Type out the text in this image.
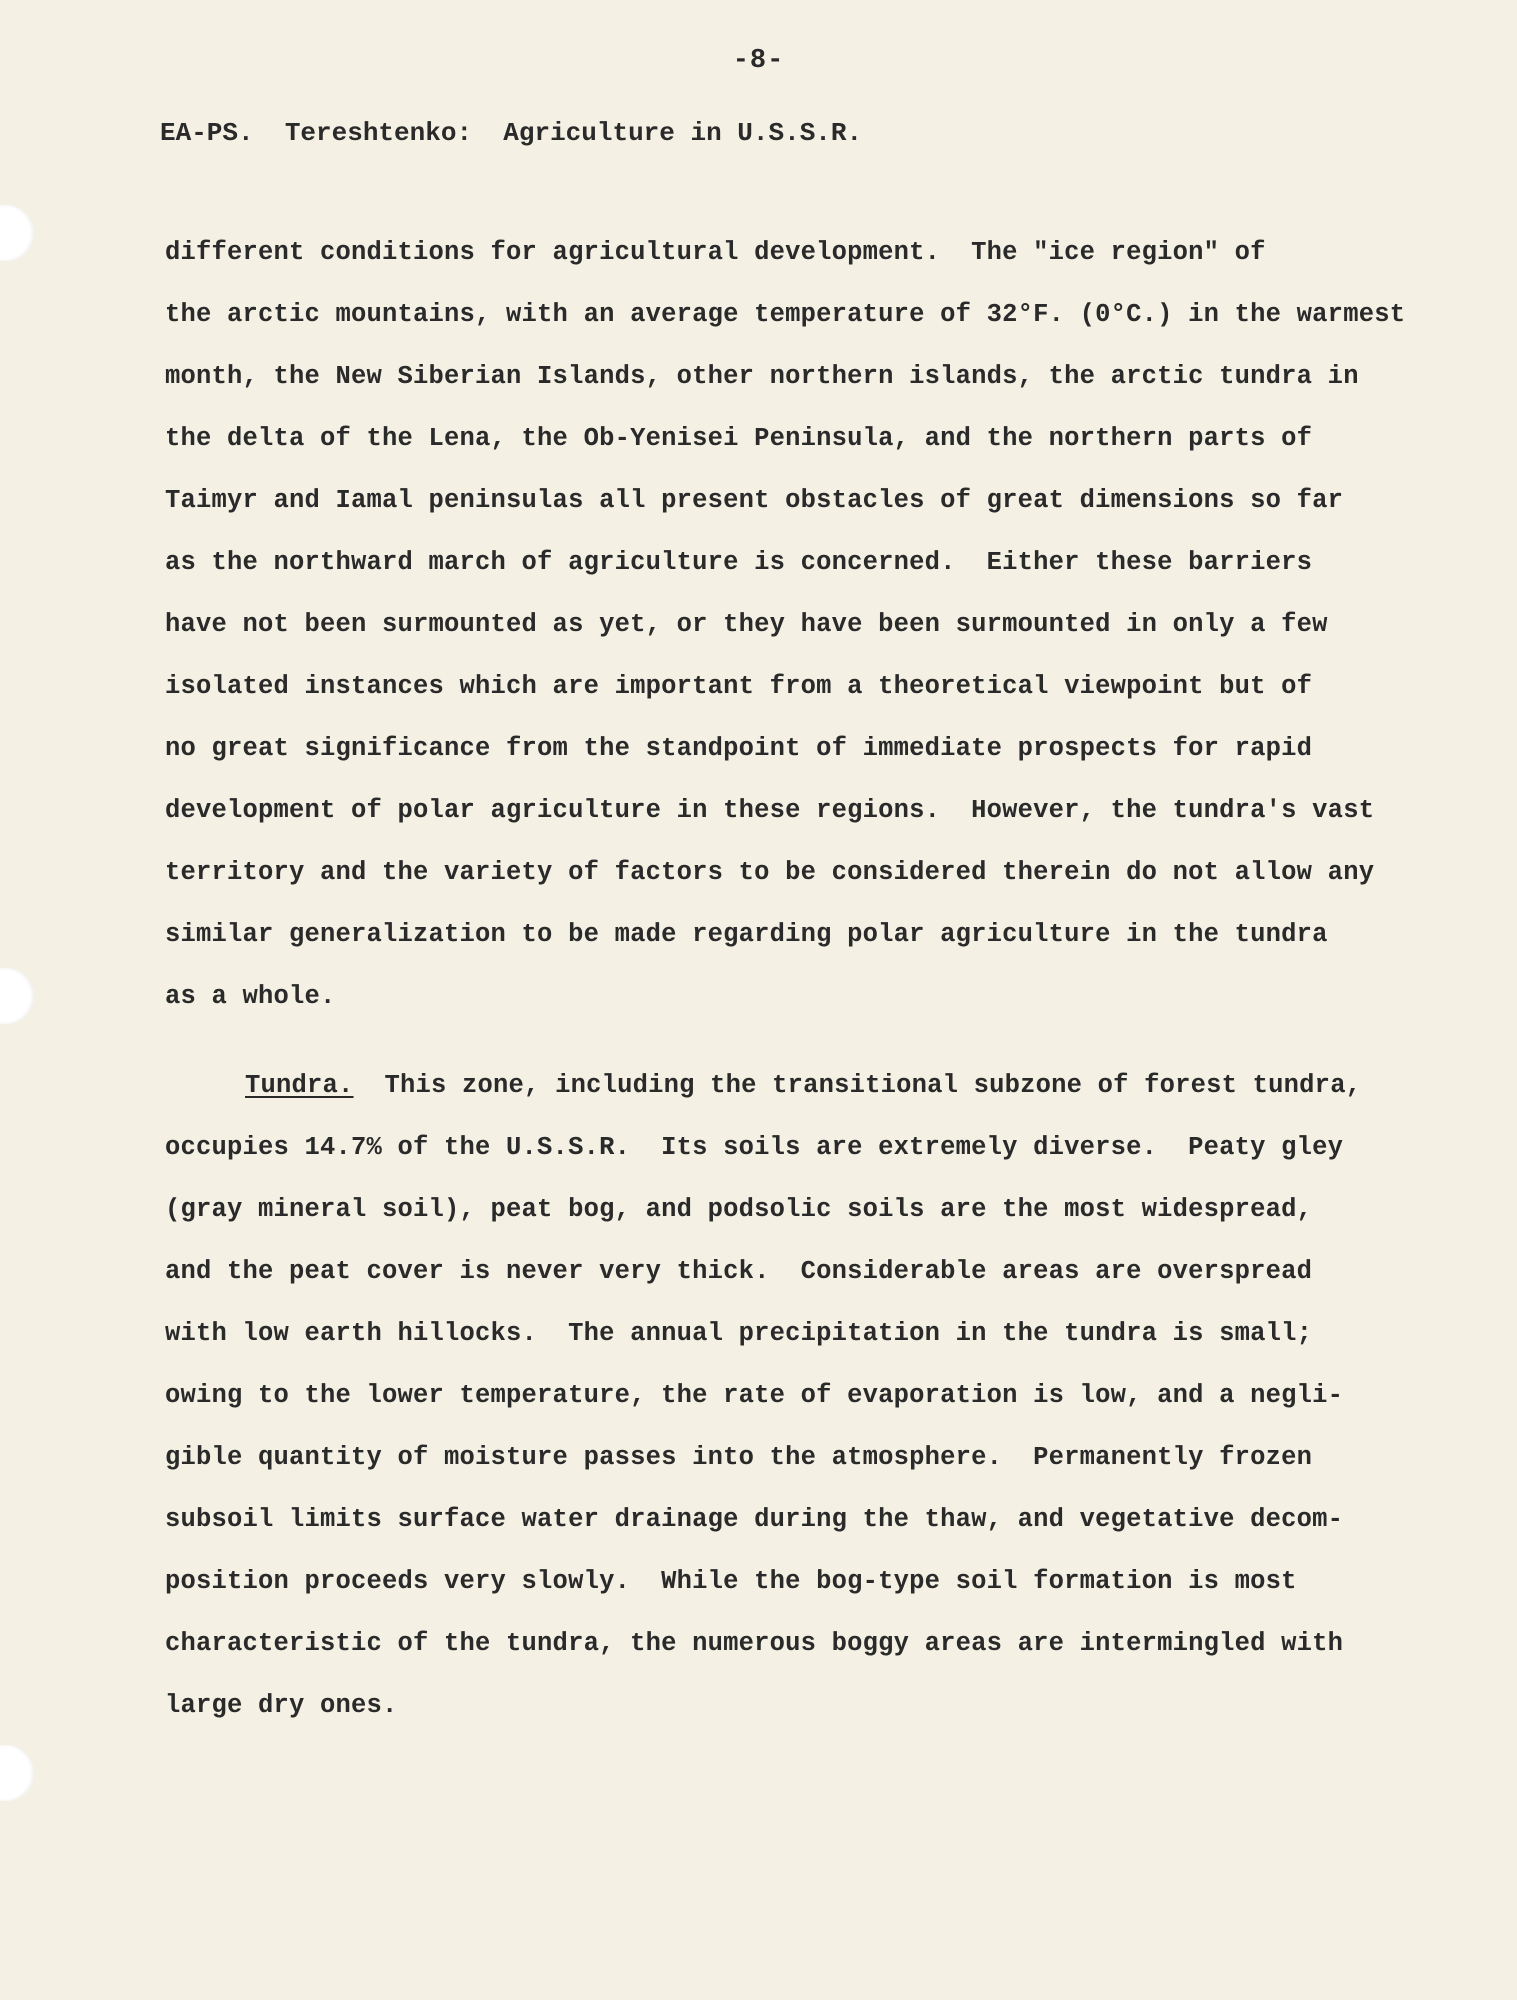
-8-
EA-PS.  Tereshtenko:  Agriculture in U.S.S.R.
different conditions for agricultural development.  The "ice region" of
the arctic mountains, with an average temperature of 32°F. (0°C.) in the warmest
month, the New Siberian Islands, other northern islands, the arctic tundra in
the delta of the Lena, the Ob-Yenisei Peninsula, and the northern parts of
Taimyr and Iamal peninsulas all present obstacles of great dimensions so far
as the northward march of agriculture is concerned.  Either these barriers
have not been surmounted as yet, or they have been surmounted in only a few
isolated instances which are important from a theoretical viewpoint but of
no great significance from the standpoint of immediate prospects for rapid
development of polar agriculture in these regions.  However, the tundra's vast
territory and the variety of factors to be considered therein do not allow any
similar generalization to be made regarding polar agriculture in the tundra
as a whole.
Tundra.  This zone, including the transitional subzone of forest tundra,
occupies 14.7% of the U.S.S.R.  Its soils are extremely diverse.  Peaty gley
(gray mineral soil), peat bog, and podsolic soils are the most widespread,
and the peat cover is never very thick.  Considerable areas are overspread
with low earth hillocks.  The annual precipitation in the tundra is small;
owing to the lower temperature, the rate of evaporation is low, and a negli-
gible quantity of moisture passes into the atmosphere.  Permanently frozen
subsoil limits surface water drainage during the thaw, and vegetative decom-
position proceeds very slowly.  While the bog-type soil formation is most
characteristic of the tundra, the numerous boggy areas are intermingled with
large dry ones.
